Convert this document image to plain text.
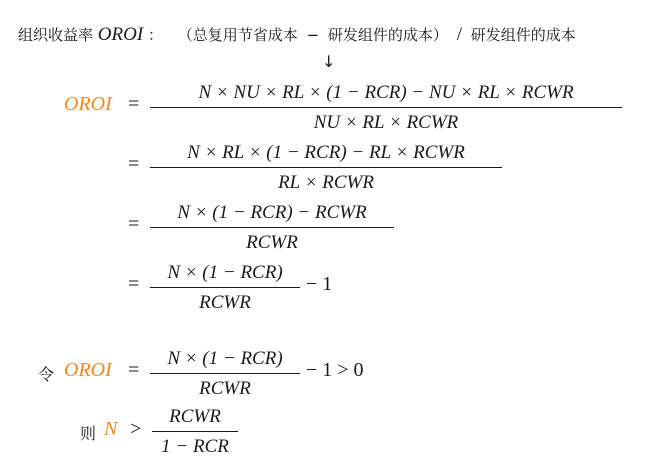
组织收益率 OROI ： （总复用节省成本 − 研发组件的成本） / 研发组件的成本
↓
OROI =
N × NU × RL × (1 − RCR) − NU × RL × RCWR
NU × RL × RCWR
=
N × RL × (1 − RCR) − RL × RCWR
RL × RCWR
=
N × (1 − RCR) − RCWR
RCWR
=
N × (1 − RCR)
RCWR
− 1
令 OROI =
N × (1 − RCR)
RCWR
− 1 > 0
则 N >
RCWR
1 − RCR
